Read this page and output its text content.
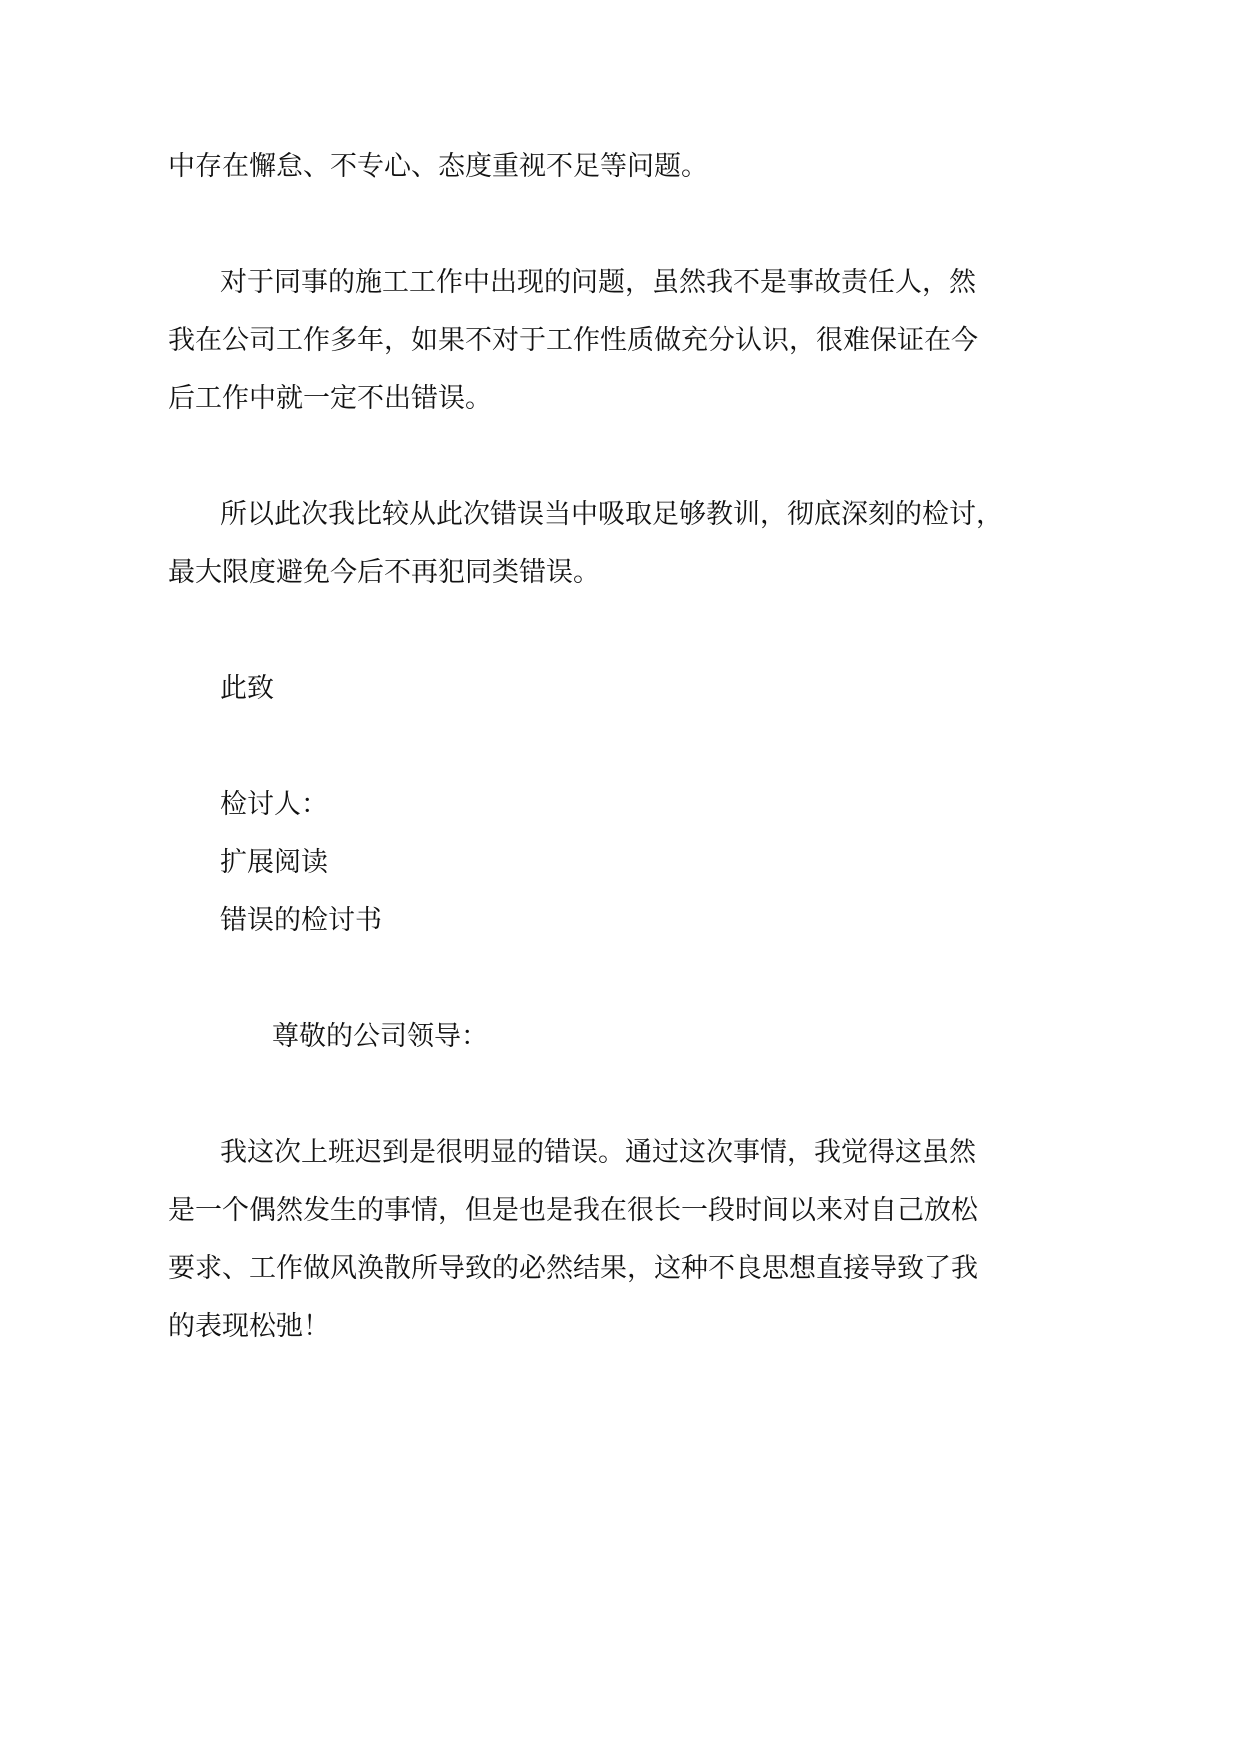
中存在懈怠、不专心、态度重视不足等问题。
对于同事的施工工作中出现的问题，虽然我不是事故责任人，然
我在公司工作多年，如果不对于工作性质做充分认识，很难保证在今
后工作中就一定不出错误。
所以此次我比较从此次错误当中吸取足够教训，彻底深刻的检讨，
最大限度避免今后不再犯同类错误。
此致
检讨人：
扩展阅读
错误的检讨书
尊敬的公司领导：
我这次上班迟到是很明显的错误。通过这次事情，我觉得这虽然
是一个偶然发生的事情，但是也是我在很长一段时间以来对自己放松
要求、工作做风涣散所导致的必然结果，这种不良思想直接导致了我
的表现松弛！
